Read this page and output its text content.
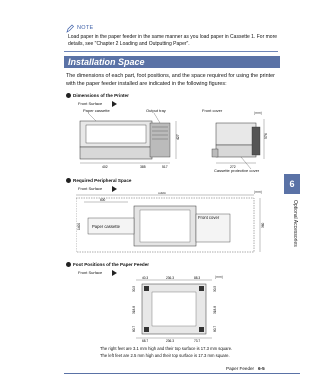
NOTE
Load paper in the paper feeder in the same manner as you load paper in Cassette 1. For more details, see "Chapter 2 Loading and Outputting Paper".
Installation Space
The dimensions of each part, foot positions, and the space required for using the printer with the paper feeder installed are indicated in the following figures:
Dimensions of the Printer
Front Surface
Paper cassette	Output tray	Front cover	(mm)
427
402	385	517
574
272
Cassette protective cover
Required Peripheral Space
Front Surface
(mm)
1303
600
1400	360
Paper cassette
Front cover
Foot Positions of the Paper Feeder
Front Surface
(mm)
40.3	236.3	88.3
30.5
318.8
80.7
30.5
318.8
80.7
68.7	236.3	73.7
The right feet are 3.1 mm high and their top surface is 17.3 mm square.
The left feet are 2.5 mm high and their top surface is 17.3 mm square.
6
Optional Accessories
Paper Feeder 6-5
